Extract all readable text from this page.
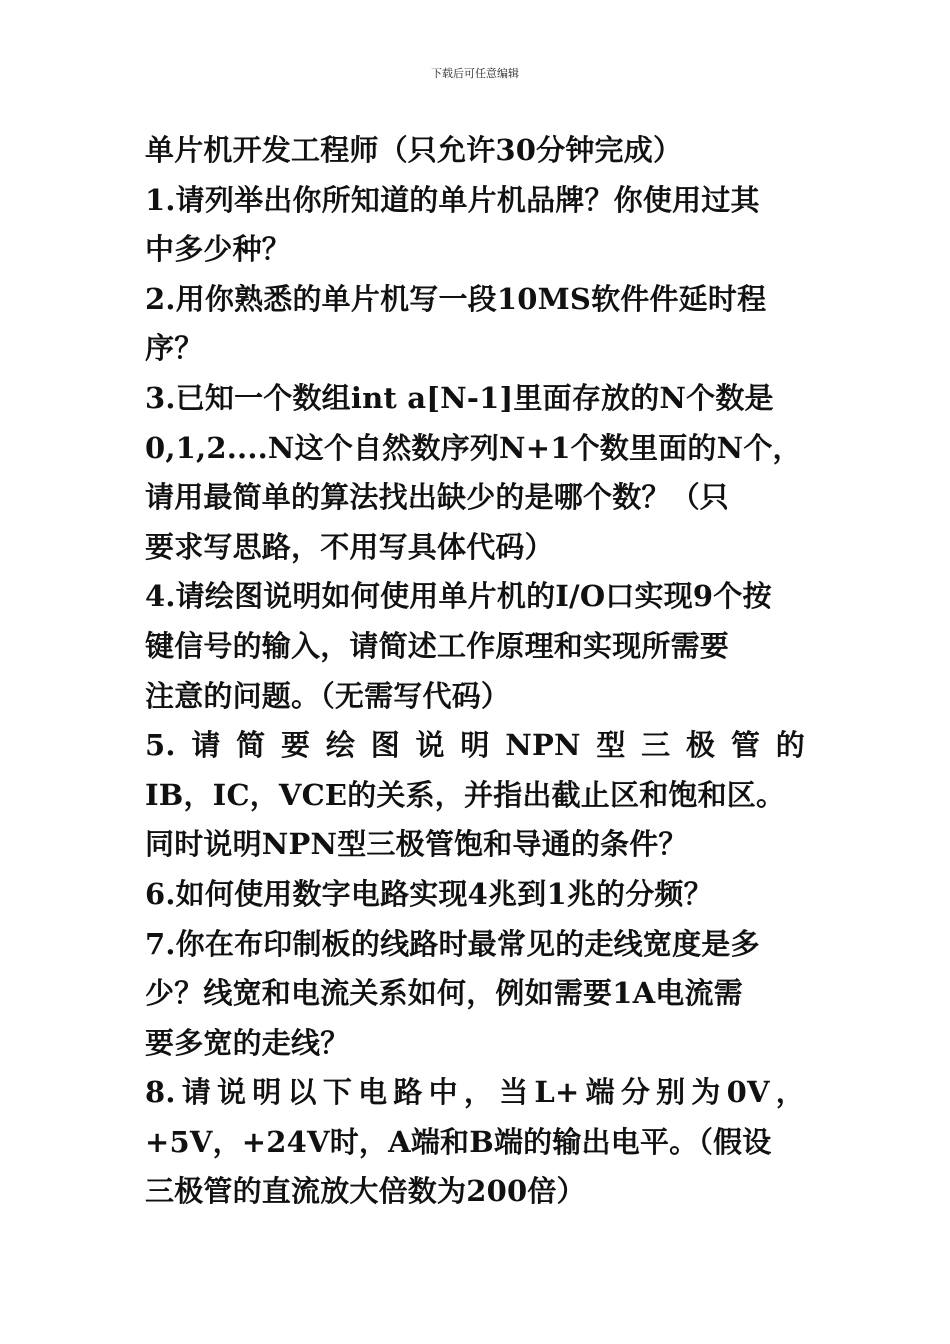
下载后可任意编辑
单片机开发工程师（只允许30分钟完成）
1.请列举出你所知道的单片机品牌？你使用过其
中多少种？
2.用你熟悉的单片机写一段10MS软件件延时程
序？
3.已知一个数组int a[N-1]里面存放的N个数是
0,1,2....N这个自然数序列N+1个数里面的N个，
请用最简单的算法找出缺少的是哪个数？（只
要求写思路，不用写具体代码）
4.请绘图说明如何使用单片机的I/O口实现9个按
键信号的输入，请简述工作原理和实现所需要
注意的问题。（无需写代码）
5. 请 简 要 绘 图 说 明 NPN 型 三 极 管 的
IB，IC，VCE的关系，并指出截止区和饱和区。
同时说明NPN型三极管饱和导通的条件？
6.如何使用数字电路实现4兆到1兆的分频？
7.你在布印制板的线路时最常见的走线宽度是多
少？线宽和电流关系如何，例如需要1A电流需
要多宽的走线？
8. 请 说 明 以 下 电 路 中 ， 当 L+ 端 分 别 为 0V ，
+5V，+24V时，A端和B端的输出电平。（假设
三极管的直流放大倍数为200倍）
